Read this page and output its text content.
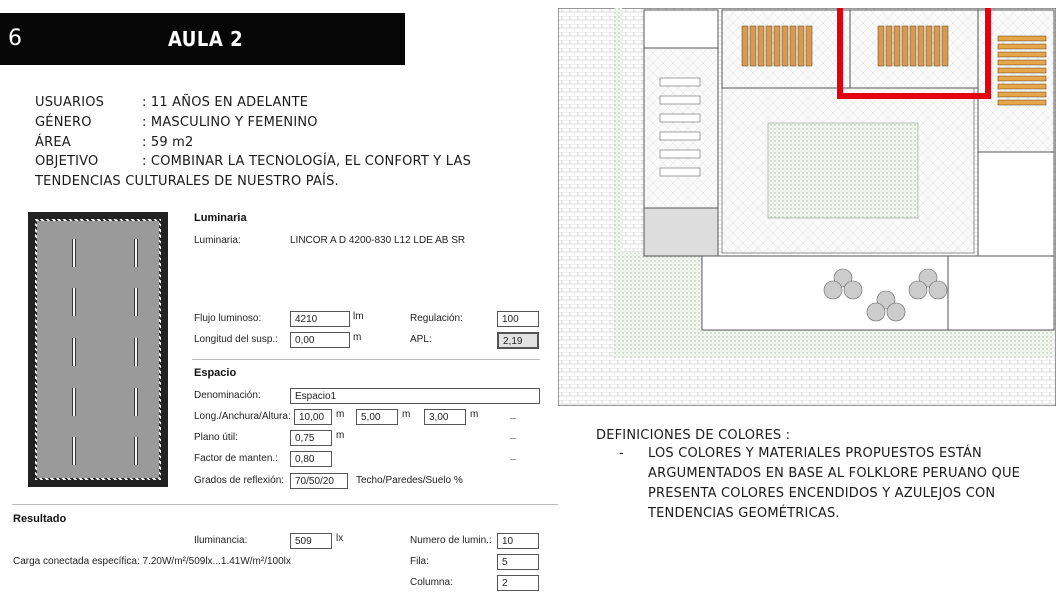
6	AULA 2
USUARIOS	: 11 AÑOS EN ADELANTE
GÉNERO	: MASCULINO Y FEMENINO
ÁREA	: 59 m2
OBJETIVO	: COMBINAR LA TECNOLOGÍA, EL CONFORT Y LAS
TENDENCIAS CULTURALES DE NUESTRO PAÍS.
Luminaria
Luminaria:	LINCOR A D 4200-830 L12 LDE AB SR
Flujo luminoso:	4210	lm	Regulación:	100
Longitud del susp.:	0,00	m	APL:	2,19
Espacio
Denominación:	Espacio1
Long./Anchura/Altura: 10,00	m	5,00	m	3,00	m
Plano útil:	0,75	m
Factor de manten.:	0,80
Grados de reflexión:	70/50/20	Techo/Paredes/Suelo %
Resultado
Iluminancia:	509	lx	Numero de lumin.:	10
Carga conectada específica: 7.20W/m²/509lx...1.41W/m²/100lx	Fila:	5
Columna:	2
DEFINICIONES DE COLORES :
- LOS COLORES Y MATERIALES PROPUESTOS ESTÁN
ARGUMENTADOS EN BASE AL FOLKLORE PERUANO QUE
PRESENTA COLORES ENCENDIDOS Y AZULEJOS CON
TENDENCIAS GEOMÉTRICAS.
